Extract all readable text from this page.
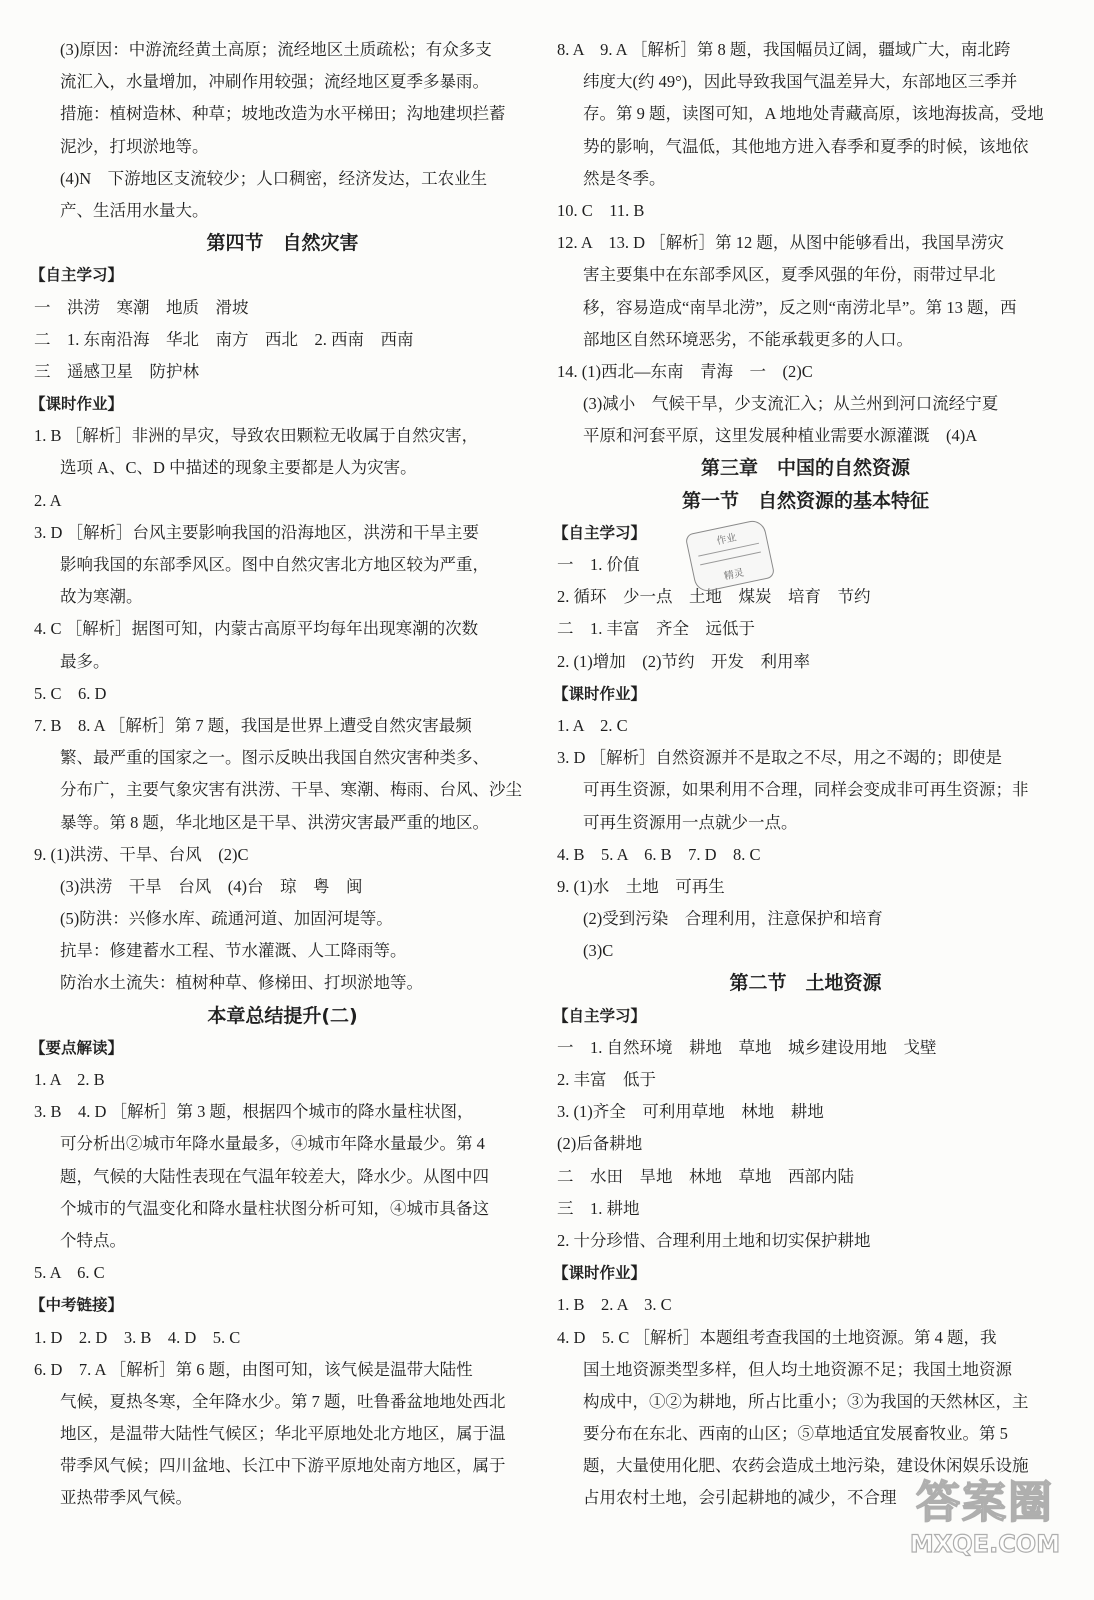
(3)原因：中游流经黄土高原；流经地区土质疏松；有众多支
流汇入，水量增加，冲刷作用较强；流经地区夏季多暴雨。
措施：植树造林、种草；坡地改造为水平梯田；沟地建坝拦蓄
泥沙，打坝淤地等。
(4)N　下游地区支流较少；人口稠密，经济发达，工农业生
产、生活用水量大。
第四节　自然灾害
【自主学习】
一　洪涝　寒潮　地质　滑坡
二　1. 东南沿海　华北　南方　西北　2. 西南　西南
三　遥感卫星　防护林
【课时作业】
1. B ［解析］非洲的旱灾，导致农田颗粒无收属于自然灾害，
选项 A、C、D 中描述的现象主要都是人为灾害。
2. A
3. D ［解析］台风主要影响我国的沿海地区，洪涝和干旱主要
影响我国的东部季风区。图中自然灾害北方地区较为严重，
故为寒潮。
4. C ［解析］据图可知，内蒙古高原平均每年出现寒潮的次数
最多。
5. C　6. D
7. B　8. A ［解析］第 7 题，我国是世界上遭受自然灾害最频
繁、最严重的国家之一。图示反映出我国自然灾害种类多、
分布广，主要气象灾害有洪涝、干旱、寒潮、梅雨、台风、沙尘
暴等。第 8 题，华北地区是干旱、洪涝灾害最严重的地区。
9. (1)洪涝、干旱、台风　(2)C
(3)洪涝　干旱　台风　(4)台　琼　粤　闽
(5)防洪：兴修水库、疏通河道、加固河堤等。
抗旱：修建蓄水工程、节水灌溉、人工降雨等。
防治水土流失：植树种草、修梯田、打坝淤地等。
本章总结提升(二)
【要点解读】
1. A　2. B
3. B　4. D ［解析］第 3 题，根据四个城市的降水量柱状图，
可分析出②城市年降水量最多，④城市年降水量最少。第 4
题，气候的大陆性表现在气温年较差大，降水少。从图中四
个城市的气温变化和降水量柱状图分析可知，④城市具备这
个特点。
5. A　6. C
【中考链接】
1. D　2. D　3. B　4. D　5. C
6. D　7. A ［解析］第 6 题，由图可知，该气候是温带大陆性
气候，夏热冬寒，全年降水少。第 7 题，吐鲁番盆地地处西北
地区，是温带大陆性气候区；华北平原地处北方地区，属于温
带季风气候；四川盆地、长江中下游平原地处南方地区，属于
亚热带季风气候。
8. A　9. A ［解析］第 8 题，我国幅员辽阔，疆域广大，南北跨
纬度大(约 49°)，因此导致我国气温差异大，东部地区三季并
存。第 9 题，读图可知，A 地地处青藏高原，该地海拔高，受地
势的影响，气温低，其他地方进入春季和夏季的时候，该地依
然是冬季。
10. C　11. B
12. A　13. D ［解析］第 12 题，从图中能够看出，我国旱涝灾
害主要集中在东部季风区，夏季风强的年份，雨带过早北
移，容易造成“南旱北涝”，反之则“南涝北旱”。第 13 题，西
部地区自然环境恶劣，不能承载更多的人口。
14. (1)西北—东南　青海　一　(2)C
(3)减小　气候干旱，少支流汇入；从兰州到河口流经宁夏
平原和河套平原，这里发展种植业需要水源灌溉　(4)A
第三章　中国的自然资源
第一节　自然资源的基本特征
【自主学习】
一　1. 价值
2. 循环　少一点　土地　煤炭　培育　节约
二　1. 丰富　齐全　远低于
2. (1)增加　(2)节约　开发　利用率
【课时作业】
1. A　2. C
3. D ［解析］自然资源并不是取之不尽，用之不竭的；即使是
可再生资源，如果利用不合理，同样会变成非可再生资源；非
可再生资源用一点就少一点。
4. B　5. A　6. B　7. D　8. C
9. (1)水　土地　可再生
(2)受到污染　合理利用，注意保护和培育
(3)C
第二节　土地资源
【自主学习】
一　1. 自然环境　耕地　草地　城乡建设用地　戈壁
2. 丰富　低于
3. (1)齐全　可利用草地　林地　耕地
(2)后备耕地
二　水田　旱地　林地　草地　西部内陆
三　1. 耕地
2. 十分珍惜、合理利用土地和切实保护耕地
【课时作业】
1. B　2. A　3. C
4. D　5. C ［解析］本题组考查我国的土地资源。第 4 题，我
国土地资源类型多样，但人均土地资源不足；我国土地资源
构成中，①②为耕地，所占比重小；③为我国的天然林区，主
要分布在东北、西南的山区；⑤草地适宜发展畜牧业。第 5
题，大量使用化肥、农药会造成土地污染，建设休闲娱乐设施
占用农村土地，会引起耕地的减少，不合理
作业
精灵
答案圈
MXQE.COM
